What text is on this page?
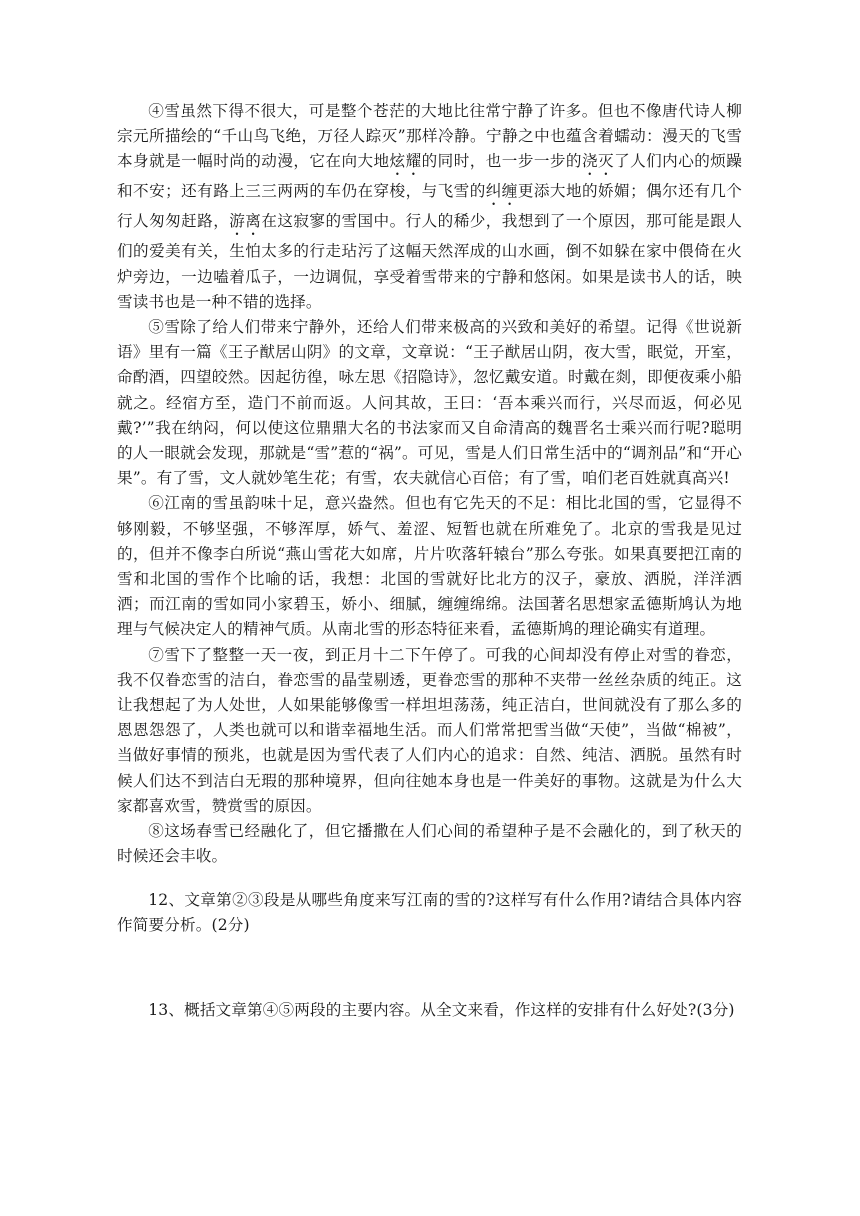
④雪虽然下得不很大，可是整个苍茫的大地比往常宁静了许多。但也不像唐代诗人柳宗元所描绘的“千山鸟飞绝，万径人踪灭”那样冷静。宁静之中也蕴含着蠕动：漫天的飞雪本身就是一幅时尚的动漫，它在向大地炫耀的同时，也一步一步的浇灭了人们内心的烦躁和不安；还有路上三三两两的车仍在穿梭，与飞雪的纠缠更添大地的娇媚；偶尔还有几个行人匆匆赶路，游离在这寂寥的雪国中。行人的稀少，我想到了一个原因，那可能是跟人们的爱美有关，生怕太多的行走玷污了这幅天然浑成的山水画，倒不如躲在家中偎倚在火炉旁边，一边嗑着瓜子，一边调侃，享受着雪带来的宁静和悠闲。如果是读书人的话，映雪读书也是一种不错的选择。

⑤雪除了给人们带来宁静外，还给人们带来极高的兴致和美好的希望。记得《世说新语》里有一篇《王子猷居山阴》的文章，文章说：“王子猷居山阴，夜大雪，眠觉，开室，命酌酒，四望皎然。因起彷徨，咏左思《招隐诗》，忽忆戴安道。时戴在剡，即便夜乘小船就之。经宿方至，造门不前而返。人问其故，王曰：‘吾本乘兴而行，兴尽而返，何必见戴?’”我在纳闷，何以使这位鼎鼎大名的书法家而又自命清高的魏晋名士乘兴而行呢?聪明的人一眼就会发现，那就是“雪”惹的“祸”。可见，雪是人们日常生活中的“调剂品”和“开心果”。有了雪，文人就妙笔生花；有雪，农夫就信心百倍；有了雪，咱们老百姓就真高兴!

⑥江南的雪虽韵味十足，意兴盎然。但也有它先天的不足：相比北国的雪，它显得不够刚毅，不够坚强，不够浑厚，娇气、羞涩、短暂也就在所难免了。北京的雪我是见过的，但并不像李白所说“燕山雪花大如席，片片吹落轩辕台”那么夸张。如果真要把江南的雪和北国的雪作个比喻的话，我想：北国的雪就好比北方的汉子，豪放、洒脱，洋洋洒洒；而江南的雪如同小家碧玉，娇小、细腻，缠缠绵绵。法国著名思想家孟德斯鸠认为地理与气候决定人的精神气质。从南北雪的形态特征来看，孟德斯鸠的理论确实有道理。

⑦雪下了整整一天一夜，到正月十二下午停了。可我的心间却没有停止对雪的眷恋，我不仅眷恋雪的洁白，眷恋雪的晶莹剔透，更眷恋雪的那种不夹带一丝丝杂质的纯正。这让我想起了为人处世，人如果能够像雪一样坦坦荡荡，纯正洁白，世间就没有了那么多的恩恩怨怨了，人类也就可以和谐幸福地生活。而人们常常把雪当做“天使”，当做“棉被”，当做好事情的预兆，也就是因为雪代表了人们内心的追求：自然、纯洁、洒脱。虽然有时候人们达不到洁白无瑕的那种境界，但向往她本身也是一件美好的事物。这就是为什么大家都喜欢雪，赞赏雪的原因。

⑧这场春雪已经融化了，但它播撒在人们心间的希望种子是不会融化的，到了秋天的时候还会丰收。

12、文章第②③段是从哪些角度来写江南的雪的?这样写有什么作用?请结合具体内容作简要分析。(2分)

13、概括文章第④⑤两段的主要内容。从全文来看，作这样的安排有什么好处?(3分)
